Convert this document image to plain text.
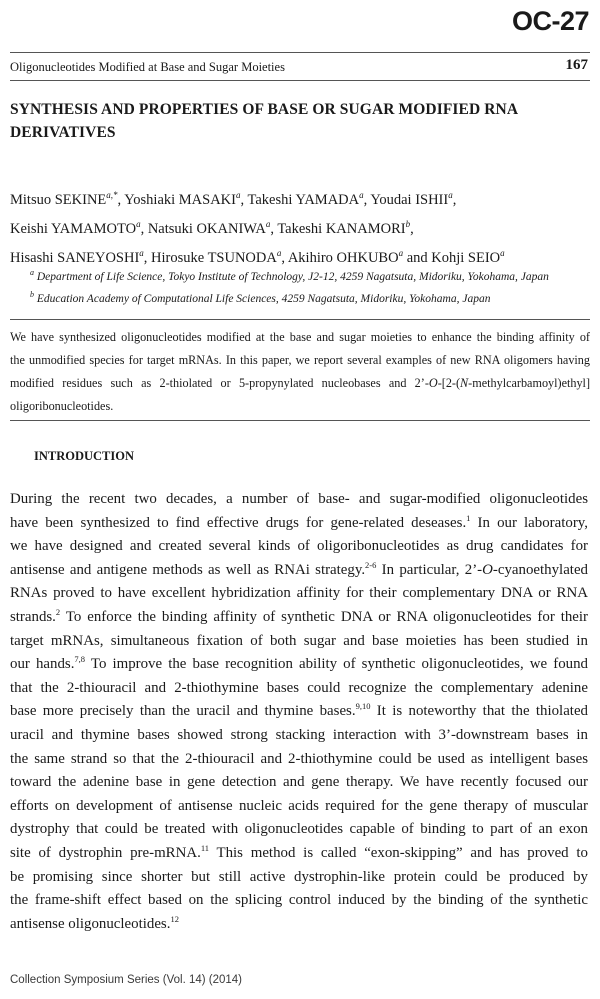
OC-27
Oligonucleotides Modified at Base and Sugar Moieties	167
SYNTHESIS AND PROPERTIES OF BASE OR SUGAR MODIFIED RNA
DERIVATIVES
Mitsuo $SEKINE^{a,*}$, Yoshiaki MASAKI$^a$, Takeshi YAMADA$^a$, Youdai ISHII$^a$,
Keishi YAMAMOTO$^a$, Natsuki OKANIWA$^a$, Takeshi KANAMORI$^b$,
Hisashi SANEYOSHI$^a$, Hirosuke TSUNODA$^a$, Akihiro OHKUBO$^a$ and Kohji SEIO$^a$
$^a$ Department of Life Science, Tokyo Institute of Technology, J2-12, 4259 Nagatsuta, Midoriku, Yokohama, Japan
$^b$ Education Academy of Computational Life Sciences, 4259 Nagatsuta, Midoriku, Yokohama, Japan
We have synthesized oligonucleotides modified at the base and sugar moieties to enhance the binding affinity of
the unmodified species for target mRNAs. In this paper, we report several examples of new RNA oligomers having
modified residues such as 2-thiolated or 5-propynylated nucleobases and 2’-O-[2-(N-methylcarbamoyl)ethyl]
oligoribonucleotides.
INTRODUCTION
During the recent two decades, a number of base- and sugar-modified oligonucleotides
have been synthesized to find effective drugs for gene-related deseases.$^1$ In our laboratory,
we have designed and created several kinds of oligoribonucleotides as drug candidates for
antisense and antigene methods as well as RNAi strategy.$^{2-6}$ In particular, 2’-O-cyanoethylated
RNAs proved to have excellent hybridization affinity for their complementary DNA or RNA
strands.$^2$ To enforce the binding affinity of synthetic DNA or RNA oligonucleotides for their
target mRNAs, simultaneous fixation of both sugar and base moieties has been studied in
our hands.$^{7,8}$ To improve the base recognition ability of synthetic oligonucleotides, we found
that the 2-thiouracil and 2-thiothymine bases could recognize the complementary adenine
base more precisely than the uracil and thymine bases.$^{9,10}$ It is noteworthy that the thiolated
uracil and thymine bases showed strong stacking interaction with 3’-downstream bases in
the same strand so that the 2-thiouracil and 2-thiothymine could be used as intelligent bases
toward the adenine base in gene detection and gene therapy. We have recently focused our
efforts on development of antisense nucleic acids required for the gene therapy of muscular
dystrophy that could be treated with oligonucleotides capable of binding to part of an exon
site of dystrophin pre-mRNA.$^{11}$ This method is called “exon-skipping” and has proved to
be promising since shorter but still active dystrophin-like protein could be produced by
the frame-shift effect based on the splicing control induced by the binding of the synthetic
antisense oligonucleotides.$^{12}$
Collection Symposium Series (Vol. 14) (2014)
